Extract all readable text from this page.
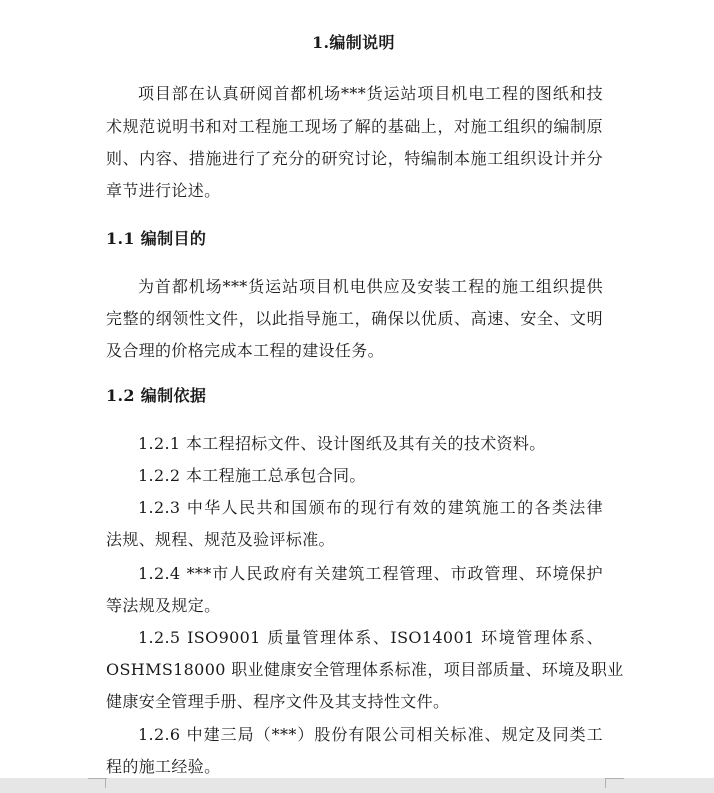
1.编制说明

项目部在认真研阅首都机场***货运站项目机电工程的图纸和技

术规范说明书和对工程施工现场了解的基础上，对施工组织的编制原

则、内容、措施进行了充分的研究讨论，特编制本施工组织设计并分

章节进行论述。

1.1 编制目的

为首都机场***货运站项目机电供应及安装工程的施工组织提供

完整的纲领性文件，以此指导施工，确保以优质、高速、安全、文明

及合理的价格完成本工程的建设任务。

1.2 编制依据

1.2.1 本工程招标文件、设计图纸及其有关的技术资料。

1.2.2 本工程施工总承包合同。

1.2.3 中华人民共和国颁布的现行有效的建筑施工的各类法律

法规、规程、规范及验评标准。

1.2.4 ***市人民政府有关建筑工程管理、市政管理、环境保护

等法规及规定。

1.2.5 ISO9001 质量管理体系、ISO14001 环境管理体系、

OSHMS18000 职业健康安全管理体系标准，项目部质量、环境及职业

健康安全管理手册、程序文件及其支持性文件。

1.2.6 中建三局（***）股份有限公司相关标准、规定及同类工

程的施工经验。
